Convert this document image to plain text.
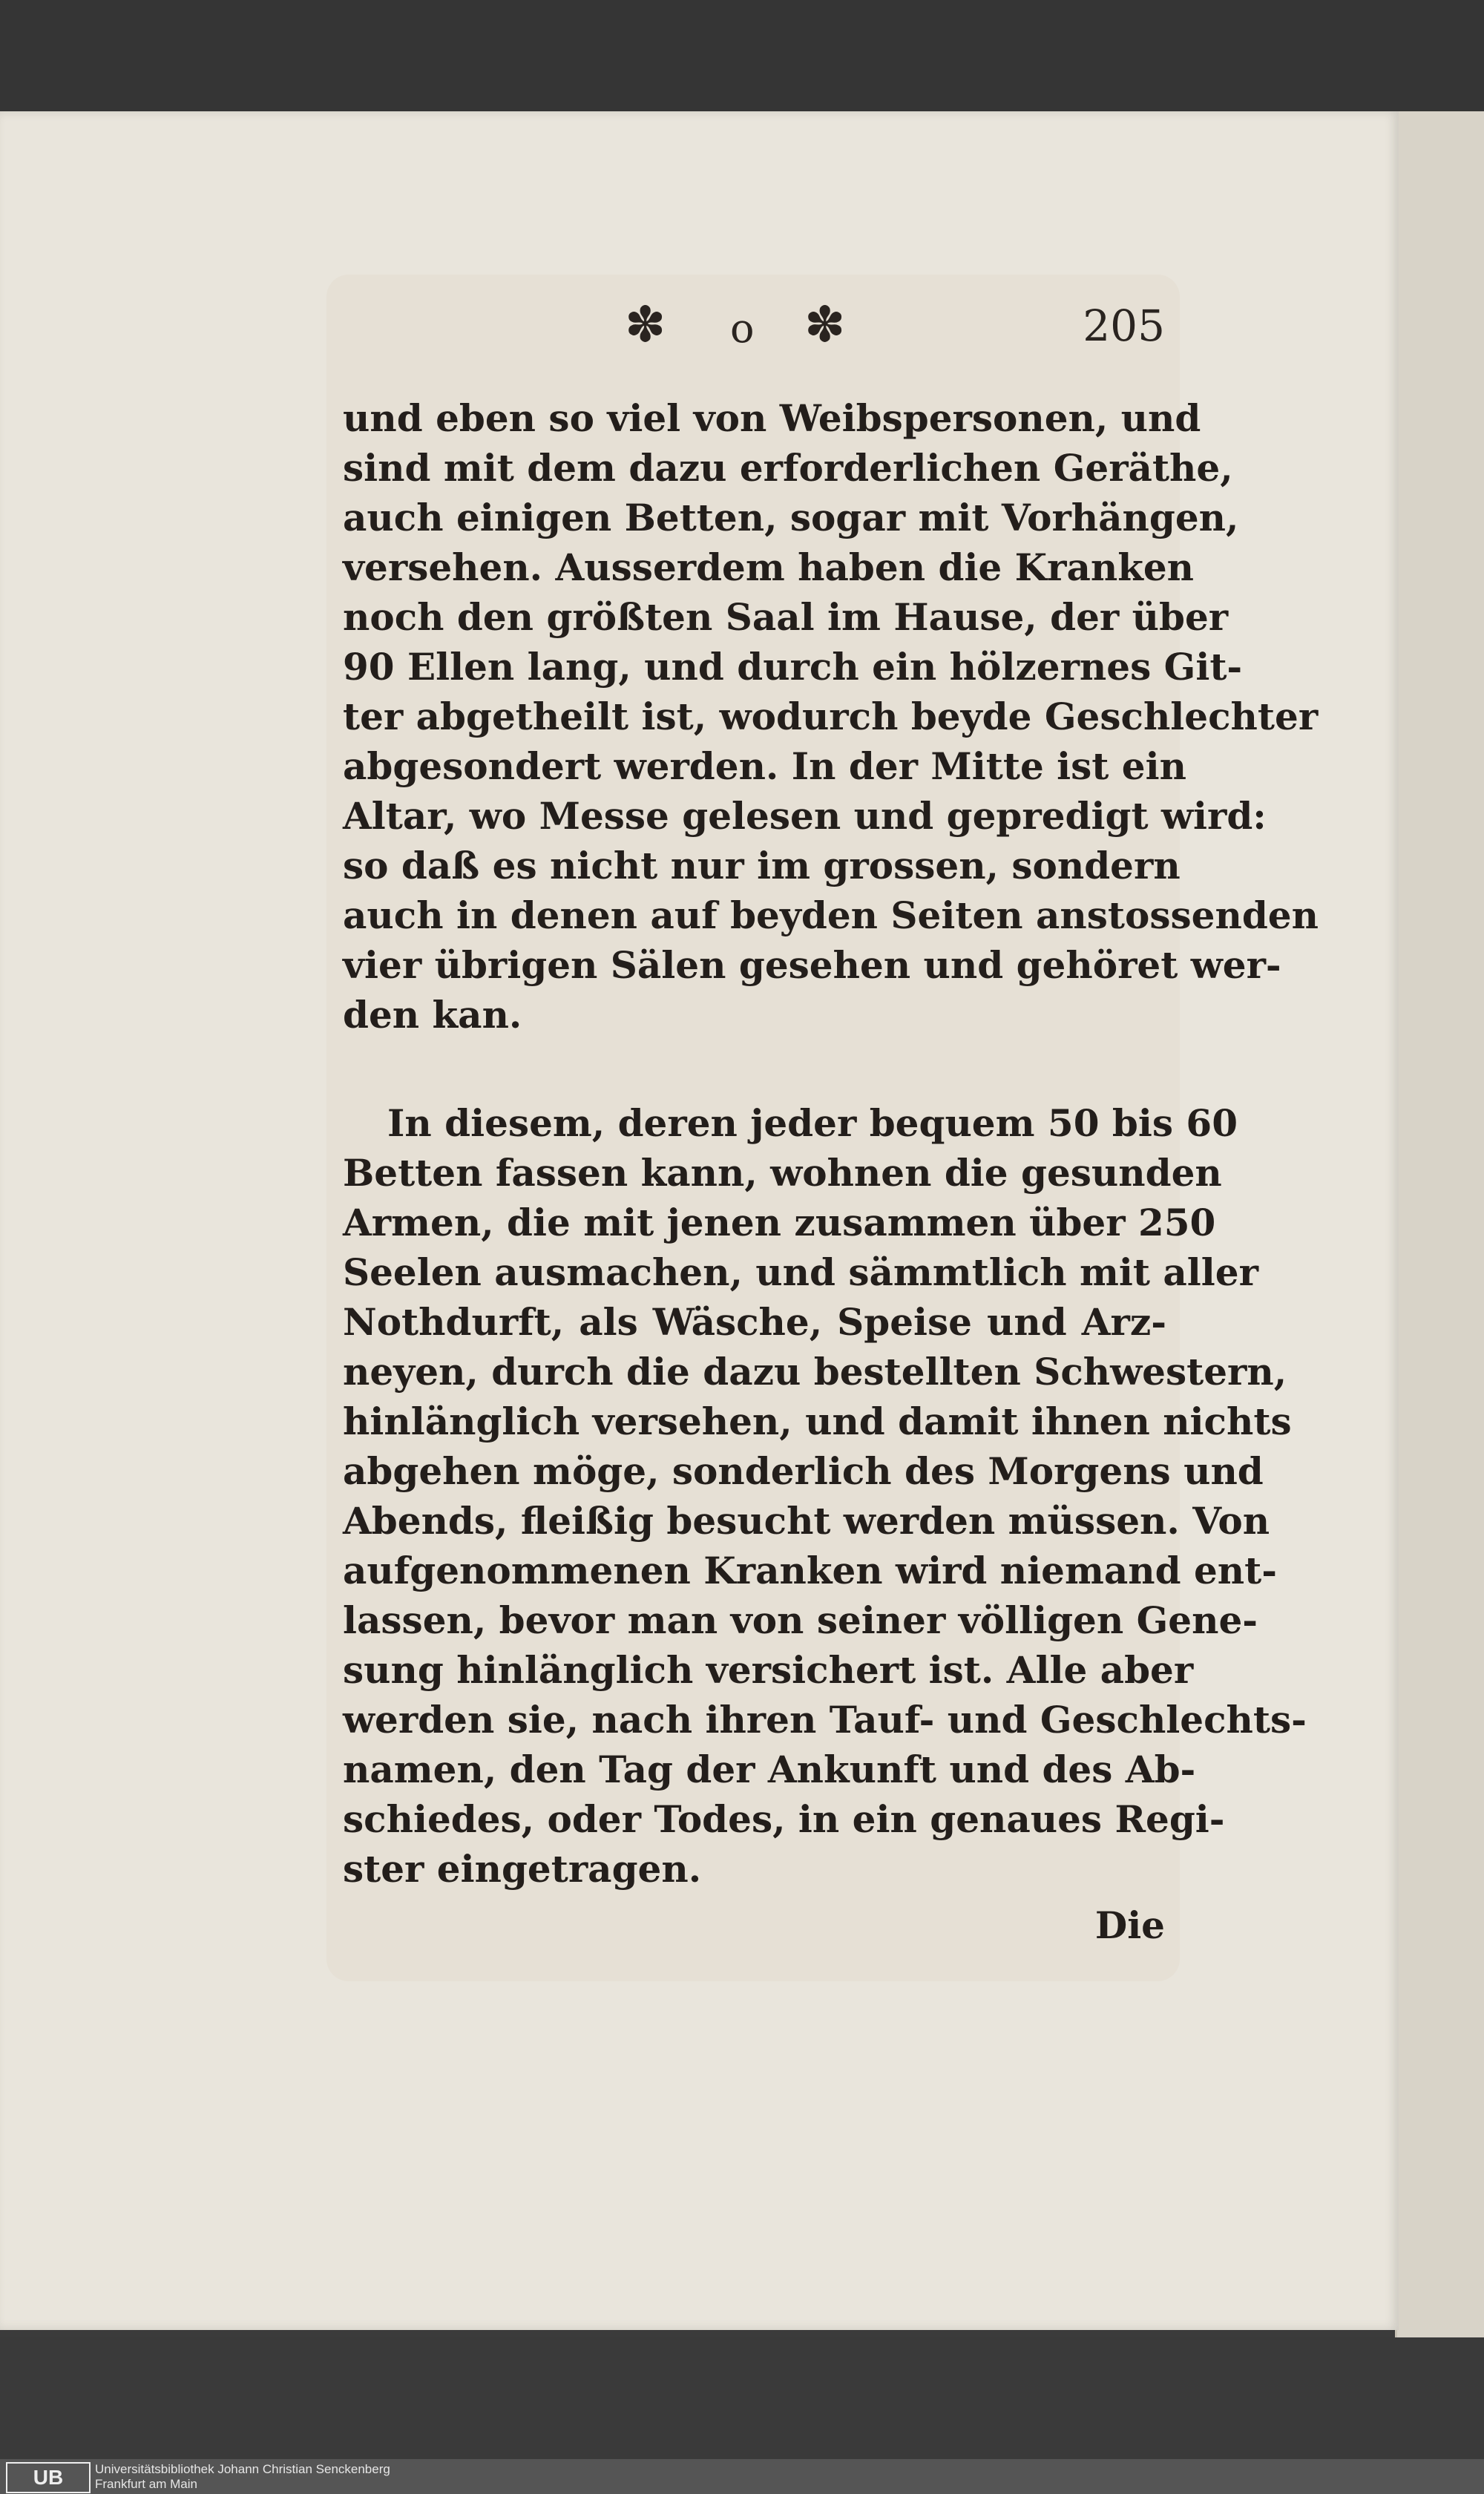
✽ o ✽	205
und eben so viel von Weibspersonen, und
sind mit dem dazu erforderlichen Geräthe,
auch einigen Betten, sogar mit Vorhängen,
versehen. Ausserdem haben die Kranken
noch den größten Saal im Hause, der über
90 Ellen lang, und durch ein hölzernes Git-
ter abgetheilt ist, wodurch beyde Geschlechter
abgesondert werden. In der Mitte ist ein
Altar, wo Messe gelesen und gepredigt wird:
so daß es nicht nur im grossen, sondern
auch in denen auf beyden Seiten anstossenden
vier übrigen Sälen gesehen und gehöret wer-
den kan.
In diesem, deren jeder bequem 50 bis 60
Betten fassen kann, wohnen die gesunden
Armen, die mit jenen zusammen über 250
Seelen ausmachen, und sämmtlich mit aller
Nothdurft, als Wäsche, Speise und Arz-
neyen, durch die dazu bestellten Schwestern,
hinlänglich versehen, und damit ihnen nichts
abgehen möge, sonderlich des Morgens und
Abends, fleißig besucht werden müssen. Von
aufgenommenen Kranken wird niemand ent-
lassen, bevor man von seiner völligen Gene-
sung hinlänglich versichert ist. Alle aber
werden sie, nach ihren Tauf- und Geschlechts-
namen, den Tag der Ankunft und des Ab-
schiedes, oder Todes, in ein genaues Regi-
ster eingetragen.
Die
UB	Universitätsbibliothek Johann Christian Senckenberg
Frankfurt am Main
